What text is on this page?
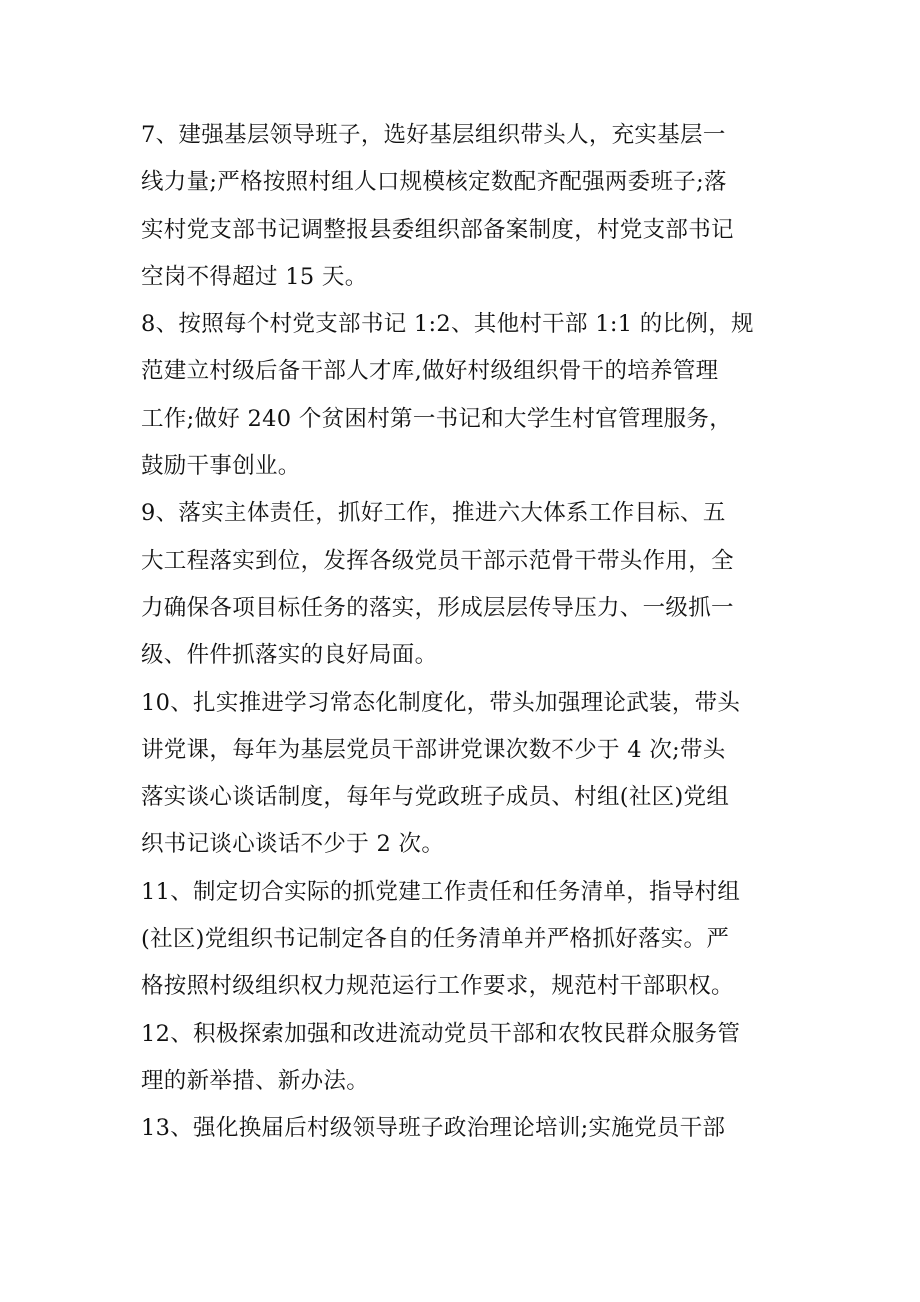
7、建强基层领导班子，选好基层组织带头人，充实基层一
线力量;严格按照村组人口规模核定数配齐配强两委班子;落
实村党支部书记调整报县委组织部备案制度，村党支部书记
空岗不得超过 15 天。
8、按照每个村党支部书记 1:2、其他村干部 1:1 的比例，规
范建立村级后备干部人才库,做好村级组织骨干的培养管理
工作;做好 240 个贫困村第一书记和大学生村官管理服务，
鼓励干事创业。
9、落实主体责任，抓好工作，推进六大体系工作目标、五
大工程落实到位，发挥各级党员干部示范骨干带头作用，全
力确保各项目标任务的落实，形成层层传导压力、一级抓一
级、件件抓落实的良好局面。
10、扎实推进学习常态化制度化，带头加强理论武装，带头
讲党课，每年为基层党员干部讲党课次数不少于 4 次;带头
落实谈心谈话制度，每年与党政班子成员、村组(社区)党组
织书记谈心谈话不少于 2 次。
11、制定切合实际的抓党建工作责任和任务清单，指导村组
(社区)党组织书记制定各自的任务清单并严格抓好落实。严
格按照村级组织权力规范运行工作要求，规范村干部职权。
12、积极探索加强和改进流动党员干部和农牧民群众服务管
理的新举措、新办法。
13、强化换届后村级领导班子政治理论培训;实施党员干部
